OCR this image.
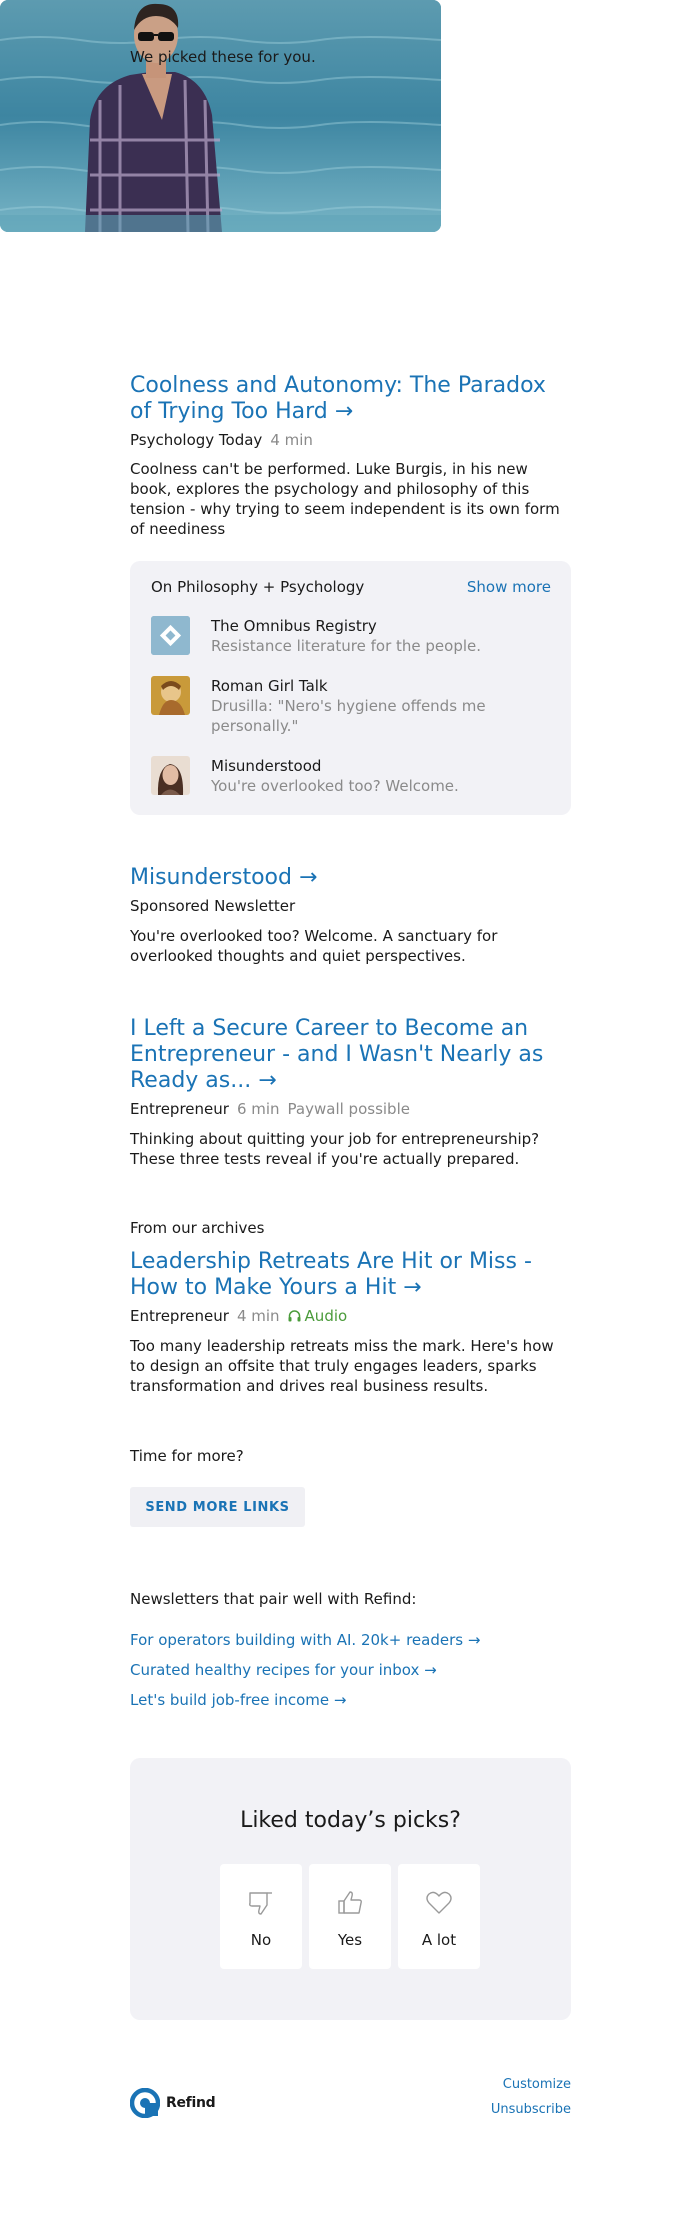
We picked these for you.
Coolness and Autonomy: The Paradox of Trying Too Hard →
Psychology Today 4 min
Coolness can't be performed. Luke Burgis, in his new book, explores the psychology and philosophy of this tension - why trying to seem independent is its own form of neediness
On Philosophy + Psychology	Show more
The Omnibus Registry
Resistance literature for the people.
Roman Girl Talk
Drusilla: "Nero's hygiene offends me personally."
Misunderstood
You're overlooked too? Welcome.
Misunderstood →
Sponsored Newsletter
You're overlooked too? Welcome. A sanctuary for overlooked thoughts and quiet perspectives.
I Left a Secure Career to Become an Entrepreneur - and I Wasn't Nearly as Ready as... →
Entrepreneur 6 min Paywall possible
Thinking about quitting your job for entrepreneurship? These three tests reveal if you're actually prepared.
From our archives
Leadership Retreats Are Hit or Miss - How to Make Yours a Hit →
Entrepreneur 4 min Audio
Too many leadership retreats miss the mark. Here's how to design an offsite that truly engages leaders, sparks transformation and drives real business results.
Time for more?
SEND MORE LINKS
Newsletters that pair well with Refind:
For operators building with AI. 20k+ readers →
Curated healthy recipes for your inbox →
Let's build job-free income →
Liked today’s picks?
No	Yes	A lot
Refind
Customize
Unsubscribe
